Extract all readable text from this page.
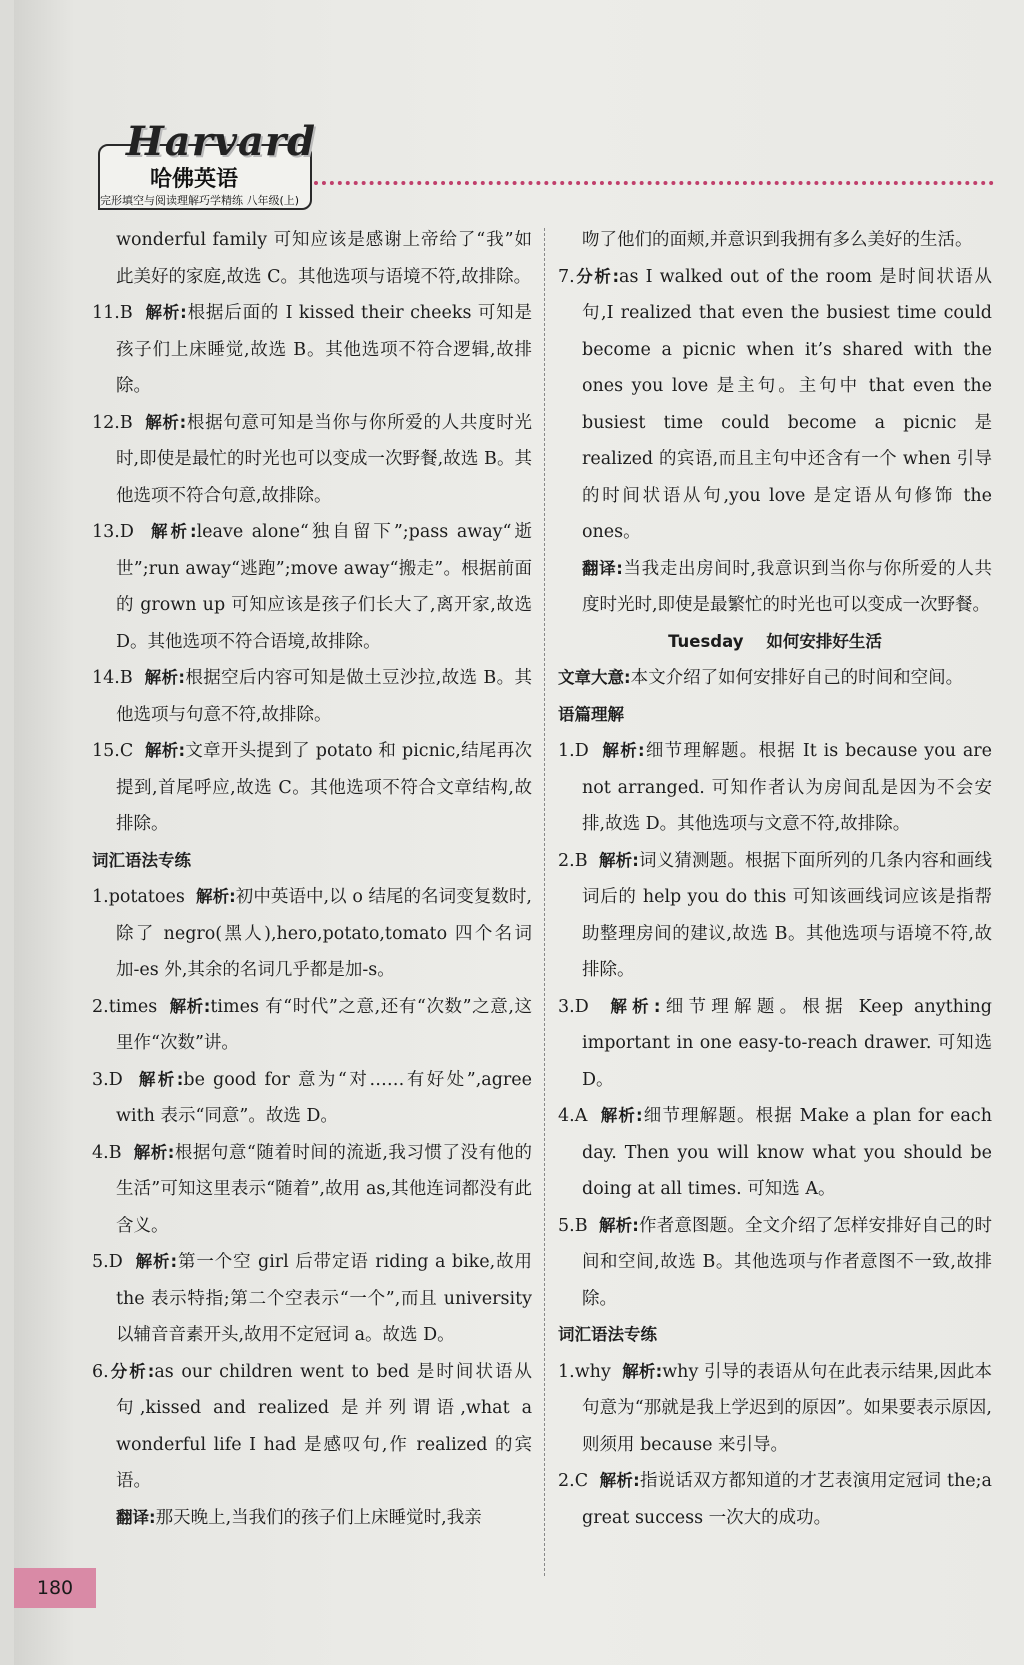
Harvard
哈佛英语
完形填空与阅读理解巧学精练 八年级(上)

wonderful family 可知应该是感谢上帝给了“我”如此美好的家庭,故选 C。其他选项与语境不符,故排除。

11.B 解析:根据后面的 I kissed their cheeks 可知是孩子们上床睡觉,故选 B。其他选项不符合逻辑,故排除。

12.B 解析:根据句意可知是当你与你所爱的人共度时光时,即使是最忙的时光也可以变成一次野餐,故选 B。其他选项不符合句意,故排除。

13.D 解析:leave alone“独自留下”;pass away“逝世”;run away“逃跑”;move away“搬走”。根据前面的 grown up 可知应该是孩子们长大了,离开家,故选 D。其他选项不符合语境,故排除。

14.B 解析:根据空后内容可知是做土豆沙拉,故选 B。其他选项与句意不符,故排除。

15.C 解析:文章开头提到了 potato 和 picnic,结尾再次提到,首尾呼应,故选 C。其他选项不符合文章结构,故排除。

词汇语法专练

1.potatoes 解析:初中英语中,以 o 结尾的名词变复数时,除了 negro(黑人),hero,potato,tomato 四个名词加-es 外,其余的名词几乎都是加-s。

2.times 解析:times 有“时代”之意,还有“次数”之意,这里作“次数”讲。

3.D 解析:be good for 意为“对……有好处”,agree with 表示“同意”。故选 D。

4.B 解析:根据句意“随着时间的流逝,我习惯了没有他的生活”可知这里表示“随着”,故用 as,其他连词都没有此含义。

5.D 解析:第一个空 girl 后带定语 riding a bike,故用 the 表示特指;第二个空表示“一个”,而且 university以辅音音素开头,故用不定冠词 a。故选 D。

6.分析:as our children went to bed 是时间状语从句,kissed and realized 是并列谓语,what a wonderful life I had 是感叹句,作 realized 的宾语。

翻译:那天晚上,当我们的孩子们上床睡觉时,我亲

吻了他们的面颊,并意识到我拥有多么美好的生活。

7.分析:as I walked out of the room 是时间状语从句,I realized that even the busiest time could become a picnic when it’s shared with the ones you love 是主句。主句中 that even the busiest time could become a picnic 是 realized 的宾语,而且主句中还含有一个 when 引导的时间状语从句,you love 是定语从句修饰 the ones。

翻译:当我走出房间时,我意识到当你与你所爱的人共度时光时,即使是最繁忙的时光也可以变成一次野餐。

Tuesday    如何安排好生活

文章大意:本文介绍了如何安排好自己的时间和空间。

语篇理解

1.D 解析:细节理解题。根据 It is because you are not arranged. 可知作者认为房间乱是因为不会安排,故选 D。其他选项与文意不符,故排除。

2.B 解析:词义猜测题。根据下面所列的几条内容和画线词后的 help you do this 可知该画线词应该是指帮助整理房间的建议,故选 B。其他选项与语境不符,故排除。

3.D 解析:细节理解题。根据 Keep anything important in one easy-to-reach drawer. 可知选 D。

4.A 解析:细节理解题。根据 Make a plan for each day. Then you will know what you should be doing at all times. 可知选 A。

5.B 解析:作者意图题。全文介绍了怎样安排好自己的时间和空间,故选 B。其他选项与作者意图不一致,故排除。

词汇语法专练

1.why 解析:why 引导的表语从句在此表示结果,因此本句意为“那就是我上学迟到的原因”。如果要表示原因,则须用 because 来引导。

2.C 解析:指说话双方都知道的才艺表演用定冠词 the;a great success 一次大的成功。

180
